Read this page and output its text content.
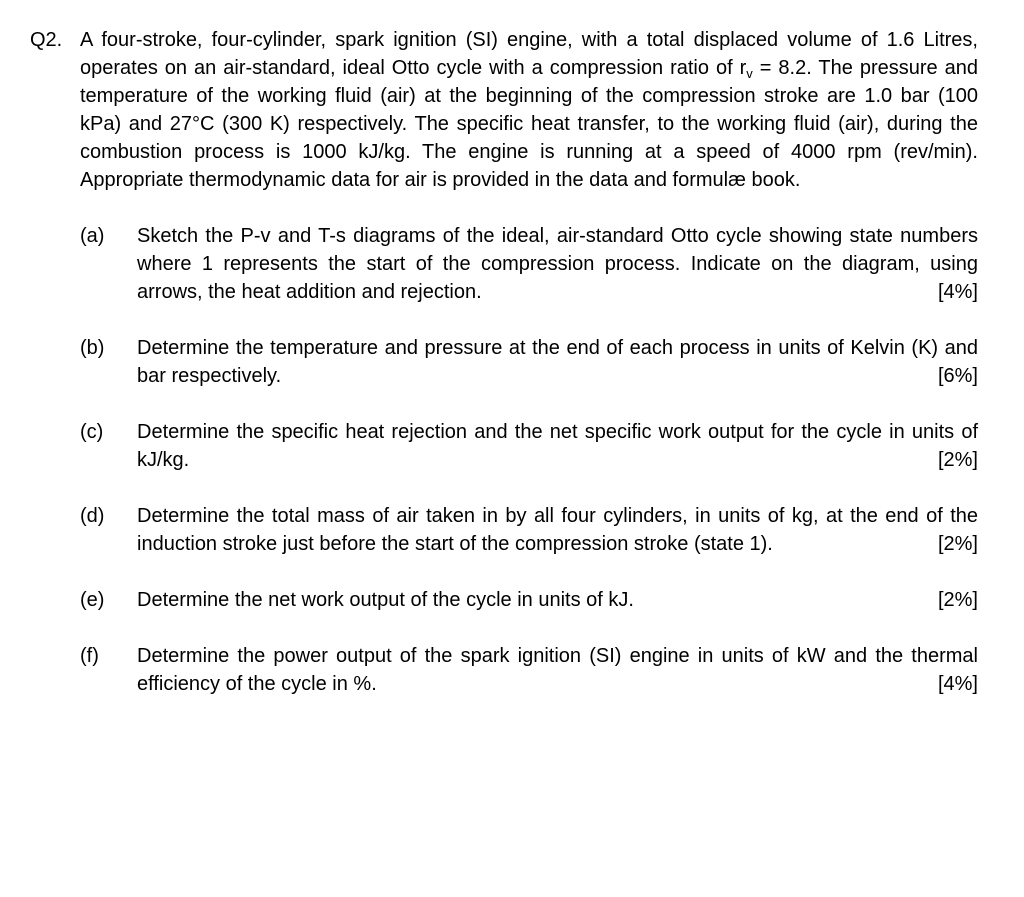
Q2. A four-stroke, four-cylinder, spark ignition (SI) engine, with a total displaced volume of 1.6 Litres, operates on an air-standard, ideal Otto cycle with a compression ratio of $r_v = 8.2$. The pressure and temperature of the working fluid (air) at the beginning of the compression stroke are 1.0 bar (100 kPa) and 27°C (300 K) respectively. The specific heat transfer, to the working fluid (air), during the combustion process is 1000 kJ/kg. The engine is running at a speed of 4000 rpm (rev/min). Appropriate thermodynamic data for air is provided in the data and formulæ book.
(a)	Sketch the P-v and T-s diagrams of the ideal, air-standard Otto cycle showing state numbers where 1 represents the start of the compression process. Indicate on the diagram, using arrows, the heat addition and rejection.	[4%]
(b)	Determine the temperature and pressure at the end of each process in units of Kelvin (K) and bar respectively.	[6%]
(c)	Determine the specific heat rejection and the net specific work output for the cycle in units of kJ/kg.	[2%]
(d)	Determine the total mass of air taken in by all four cylinders, in units of kg, at the end of the induction stroke just before the start of the compression stroke (state 1).	[2%]
(e)	Determine the net work output of the cycle in units of kJ.	[2%]
(f)	Determine the power output of the spark ignition (SI) engine in units of kW and the thermal efficiency of the cycle in %.	[4%]
